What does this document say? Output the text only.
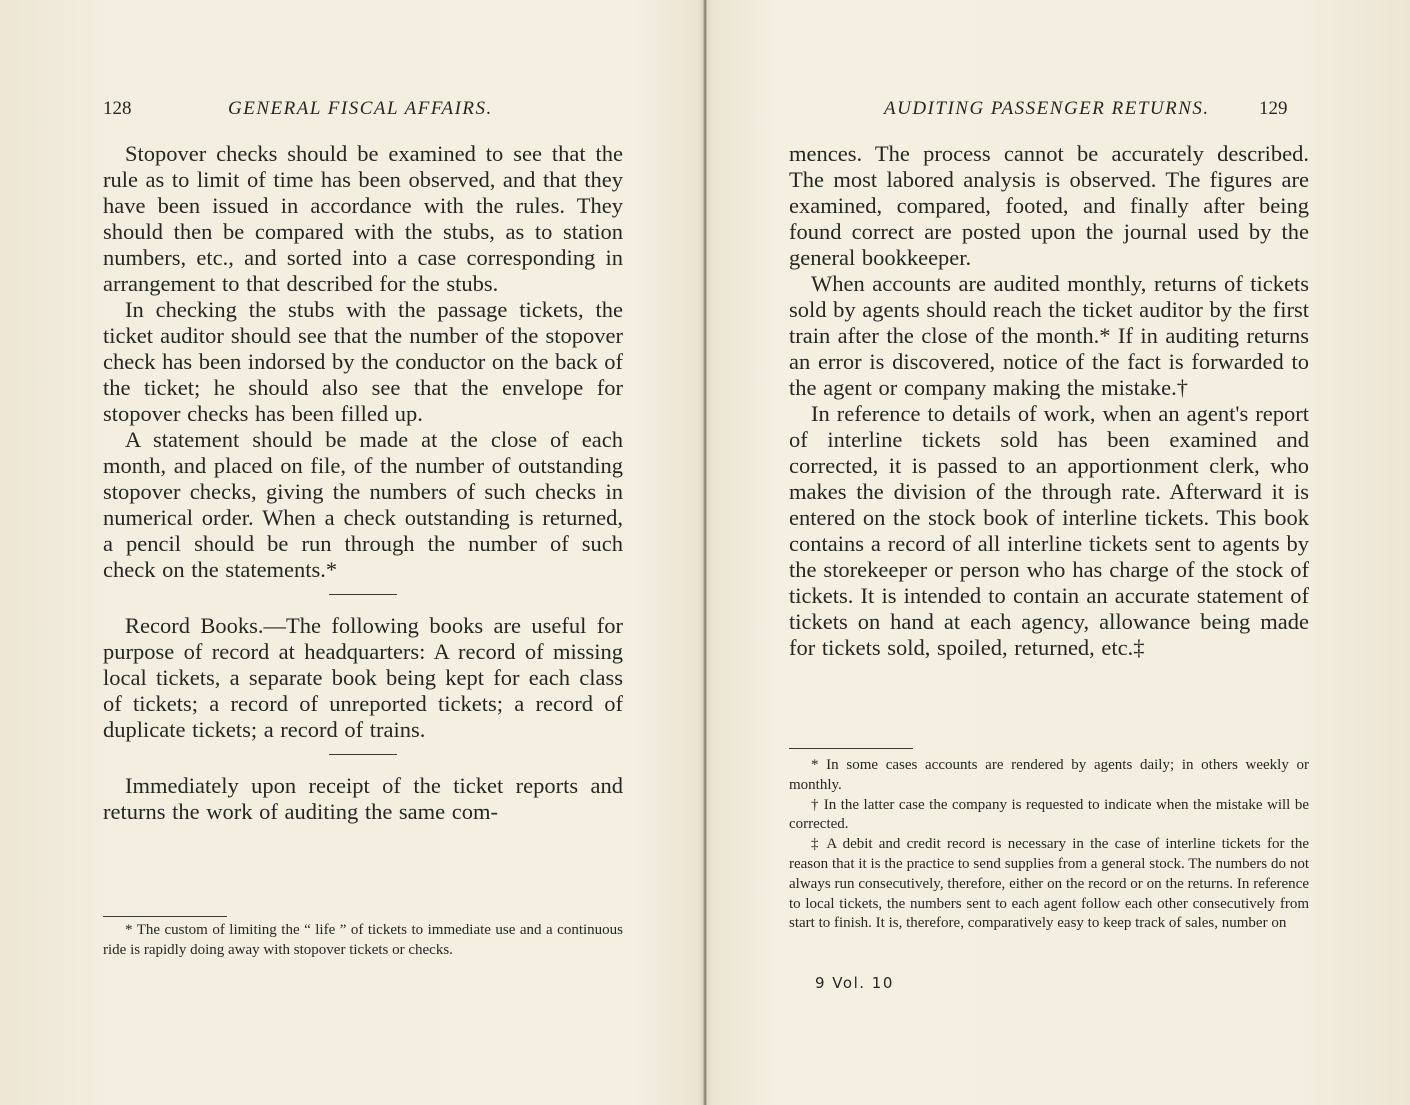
128	GENERAL FISCAL AFFAIRS.

Stopover checks should be examined to see that the rule as to limit of time has been observed, and that they have been issued in accordance with the rules. They should then be compared with the stubs, as to station numbers, etc., and sorted into a case corresponding in arrangement to that described for the stubs.

In checking the stubs with the passage tickets, the ticket auditor should see that the number of the stopover check has been indorsed by the conductor on the back of the ticket; he should also see that the envelope for stopover checks has been filled up.

A statement should be made at the close of each month, and placed on file, of the number of outstanding stopover checks, giving the numbers of such checks in numerical order. When a check outstanding is returned, a pencil should be run through the number of such check on the statements.*

Record Books.—The following books are useful for purpose of record at headquarters: A record of missing local tickets, a separate book being kept for each class of tickets; a record of unreported tickets; a record of duplicate tickets; a record of trains.

Immediately upon receipt of the ticket reports and returns the work of auditing the same com-

* The custom of limiting the “ life ” of tickets to immediate use and a continuous ride is rapidly doing away with stopover tickets or checks.

AUDITING PASSENGER RETURNS.	129

mences. The process cannot be accurately described. The most labored analysis is observed. The figures are examined, compared, footed, and finally after being found correct are posted upon the journal used by the general bookkeeper.

When accounts are audited monthly, returns of tickets sold by agents should reach the ticket auditor by the first train after the close of the month.* If in auditing returns an error is discovered, notice of the fact is forwarded to the agent or company making the mistake.†

In reference to details of work, when an agent's report of interline tickets sold has been examined and corrected, it is passed to an apportionment clerk, who makes the division of the through rate. Afterward it is entered on the stock book of interline tickets. This book contains a record of all interline tickets sent to agents by the storekeeper or person who has charge of the stock of tickets. It is intended to contain an accurate statement of tickets on hand at each agency, allowance being made for tickets sold, spoiled, returned, etc.‡

* In some cases accounts are rendered by agents daily; in others weekly or monthly.

† In the latter case the company is requested to indicate when the mistake will be corrected.

‡ A debit and credit record is necessary in the case of interline tickets for the reason that it is the practice to send supplies from a general stock. The numbers do not always run consecutively, therefore, either on the record or on the returns. In reference to local tickets, the numbers sent to each agent follow each other consecutively from start to finish. It is, therefore, comparatively easy to keep track of sales, number on

9 Vol. 10
